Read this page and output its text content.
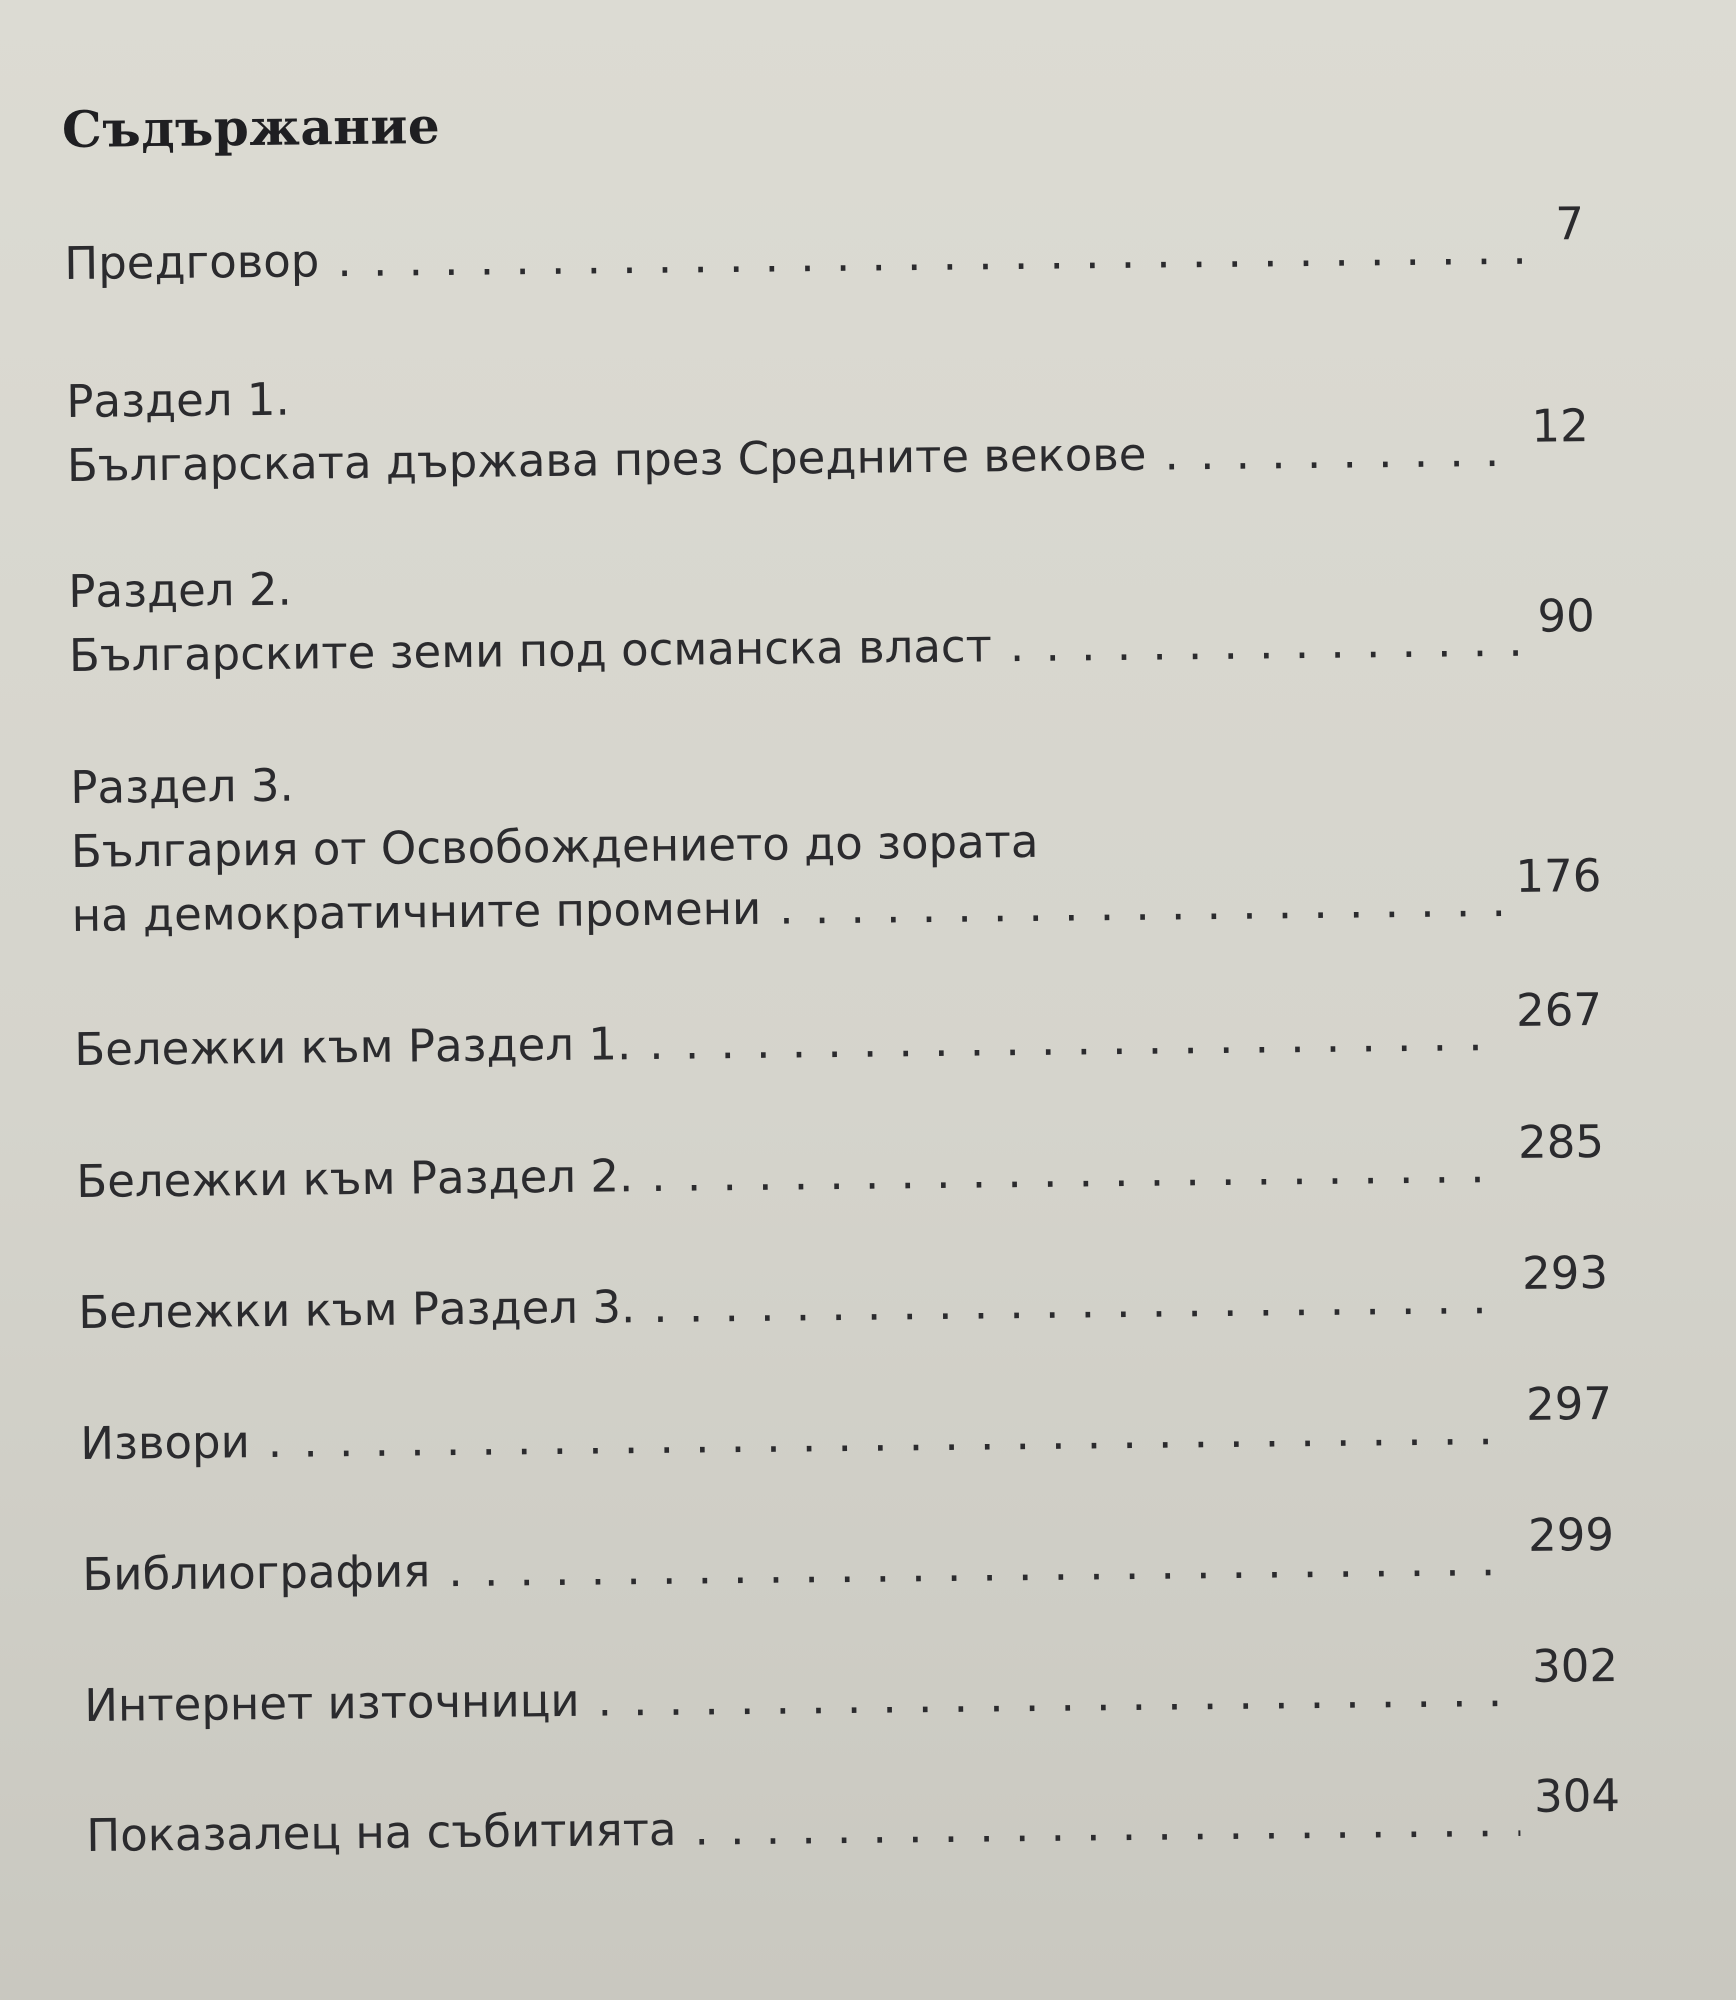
Съдържание
Предговор
. . .
7
Раздел 1.
Българската държава през Средните векове
. . .
12
Раздел 2.
Българските земи под османска власт
. . .
90
Раздел 3.
България от Освобождението до зората
на демократичните промени
. . .
176
Бележки към Раздел 1.
. . .
267
Бележки към Раздел 2.
. . .
285
Бележки към Раздел 3.
. . .
293
Извори
. . .
297
Библиография
. . .
299
Интернет източници
. . .
302
Показалец на събитията
. . .
304
